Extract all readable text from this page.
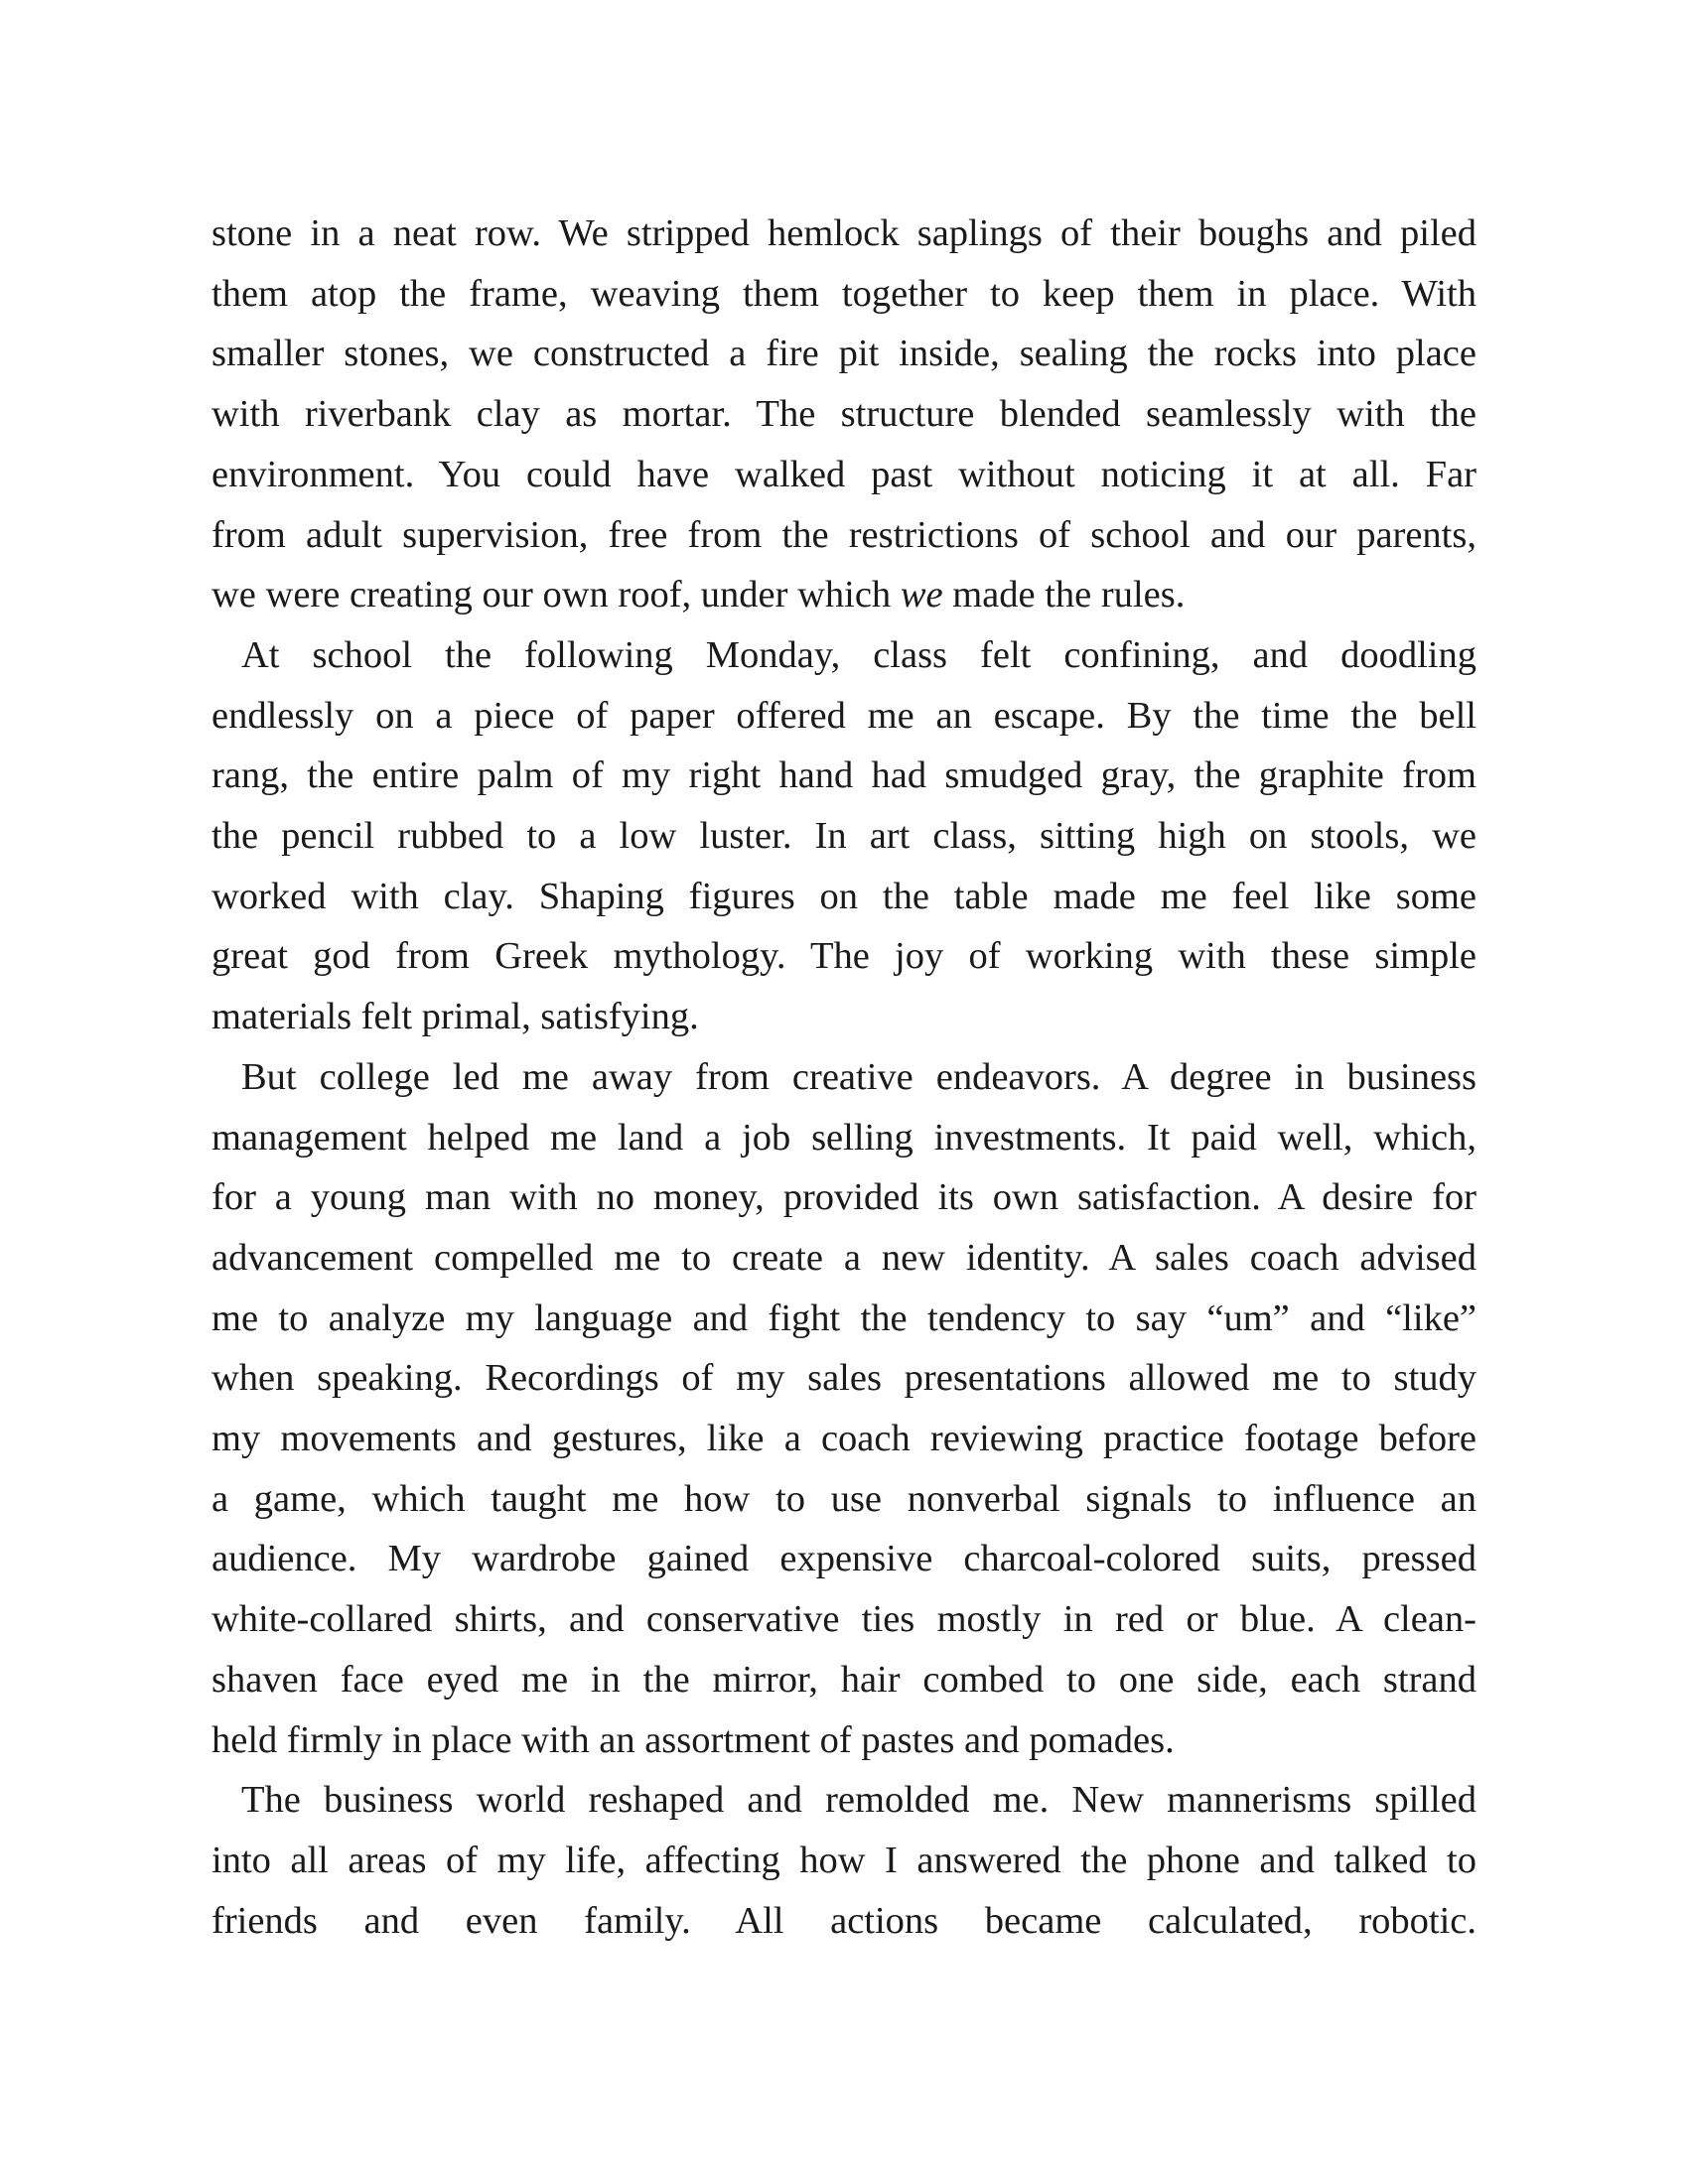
stone in a neat row. We stripped hemlock saplings of their boughs and piled
them atop the frame, weaving them together to keep them in place. With
smaller stones, we constructed a fire pit inside, sealing the rocks into place
with riverbank clay as mortar. The structure blended seamlessly with the
environment. You could have walked past without noticing it at all. Far
from adult supervision, free from the restrictions of school and our parents,
we were creating our own roof, under which we made the rules.
At school the following Monday, class felt confining, and doodling
endlessly on a piece of paper offered me an escape. By the time the bell
rang, the entire palm of my right hand had smudged gray, the graphite from
the pencil rubbed to a low luster. In art class, sitting high on stools, we
worked with clay. Shaping figures on the table made me feel like some
great god from Greek mythology. The joy of working with these simple
materials felt primal, satisfying.
But college led me away from creative endeavors. A degree in business
management helped me land a job selling investments. It paid well, which,
for a young man with no money, provided its own satisfaction. A desire for
advancement compelled me to create a new identity. A sales coach advised
me to analyze my language and fight the tendency to say “um” and “like”
when speaking. Recordings of my sales presentations allowed me to study
my movements and gestures, like a coach reviewing practice footage before
a game, which taught me how to use nonverbal signals to influence an
audience. My wardrobe gained expensive charcoal-colored suits, pressed
white-collared shirts, and conservative ties mostly in red or blue. A clean-
shaven face eyed me in the mirror, hair combed to one side, each strand
held firmly in place with an assortment of pastes and pomades.
The business world reshaped and remolded me. New mannerisms spilled
into all areas of my life, affecting how I answered the phone and talked to
friends and even family. All actions became calculated, robotic.
